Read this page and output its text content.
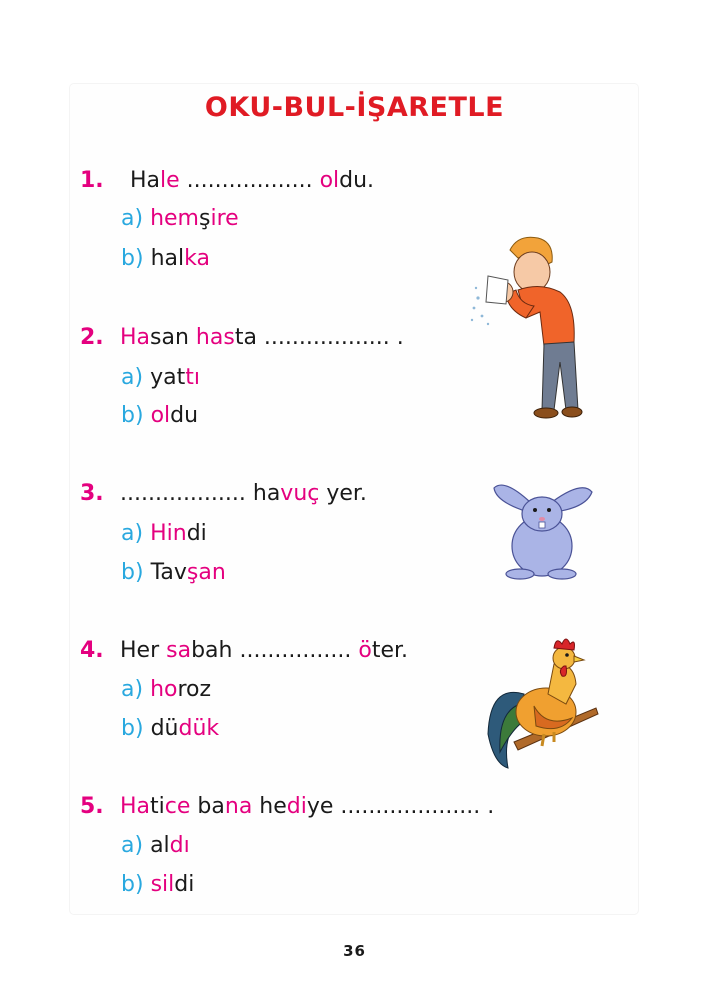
OKU-BUL-İŞARETLE
1. Hale .................. oldu.
a) hemşire
b) halka
2. Hasan hasta .................. .
a) yattı
b) oldu
3. .................. havuç yer.
a) Hindi
b) Tavşan
4. Her sabah ................ öter.
a) horoz
b) düdük
5. Hatice bana hediye .................... .
a) aldı
b) sildi
36
